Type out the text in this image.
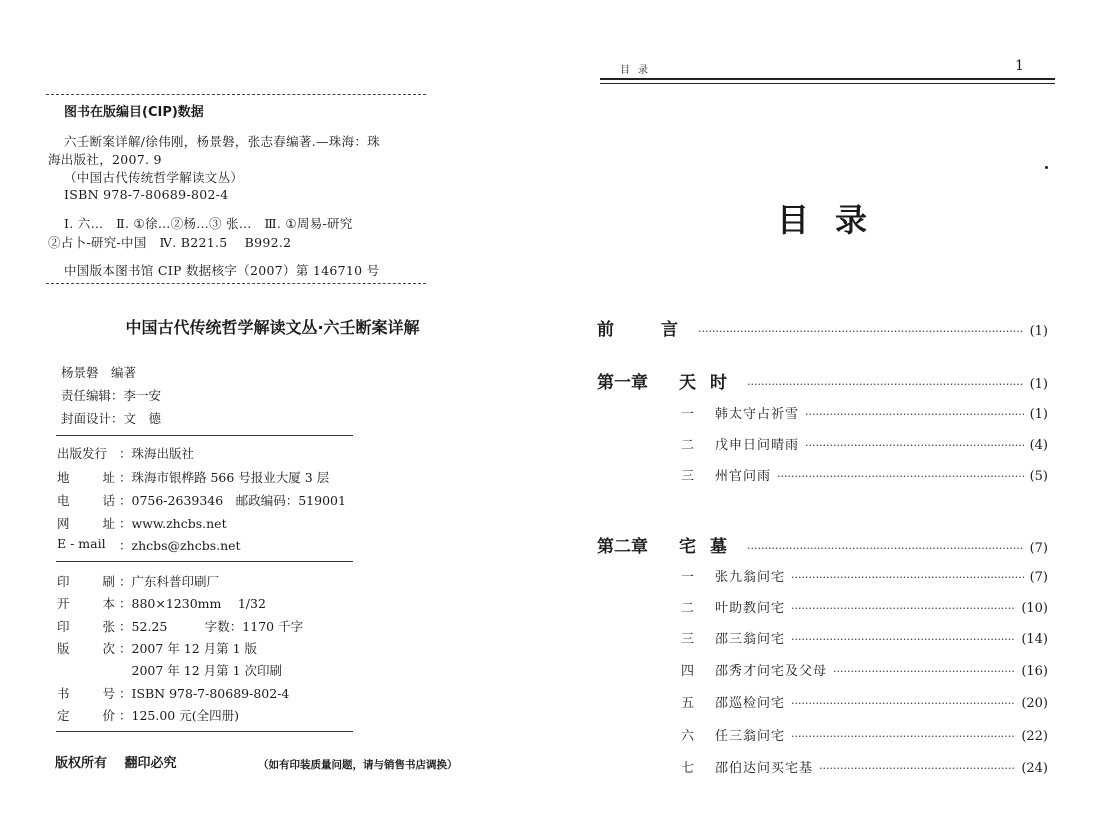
图书在版编目(CIP)数据
六壬断案详解/徐伟刚，杨景磐，张志春编著.—珠海：珠
海出版社，2007. 9
（中国古代传统哲学解读文丛）
ISBN 978-7-80689-802-4
Ⅰ. 六…　Ⅱ. ①徐…②杨…③ 张…　Ⅲ. ①周易-研究
②占卜-研究-中国　Ⅳ. B221.5　 B992.2
中国版本图书馆 CIP 数据核字（2007）第 146710 号
中国古代传统哲学解读文丛·六壬断案详解
杨景磐　编著
责任编辑：李一安
封面设计：文　德
出版发行 ：珠海出版社
地	址 ：珠海市银桦路 566 号报业大厦 3 层
电	话 ：0756-2639346　邮政编码：519001
网	址 ：www.zhcbs.net
E - mail ：zhcbs@zhcbs.net
印	刷 ：广东科普印刷厂
开	本 ：880×1230mm　 1/32
印	张 ：52.25　　　字数：1170 千字
版	次 ：2007 年 12 月第 1 版
　2007 年 12 月第 1 次印刷
书	号 ：ISBN 978-7-80689-802-4
定	价 ：125.00 元(全四册)
版权所有　 翻印必究	（如有印装质量问题，请与销售书店调换）
目录	1
目录
前	言 ·····	(1)
第一章	天时 ·····	(1)
一	韩太守占祈雪 ·····	(1)
二	戊申日问晴雨 ·····	(4)
三	州官问雨 ·····	(5)
第二章	宅墓 ·····	(7)
一	张九翁问宅 ·····	(7)
二	叶助教问宅 ·····	(10)
三	邵三翁问宅 ·····	(14)
四	邵秀才问宅及父母 ·····	(16)
五	邵巡检问宅 ·····	(20)
六	任三翁问宅 ·····	(22)
七	邵伯达问买宅基 ·····	(24)
